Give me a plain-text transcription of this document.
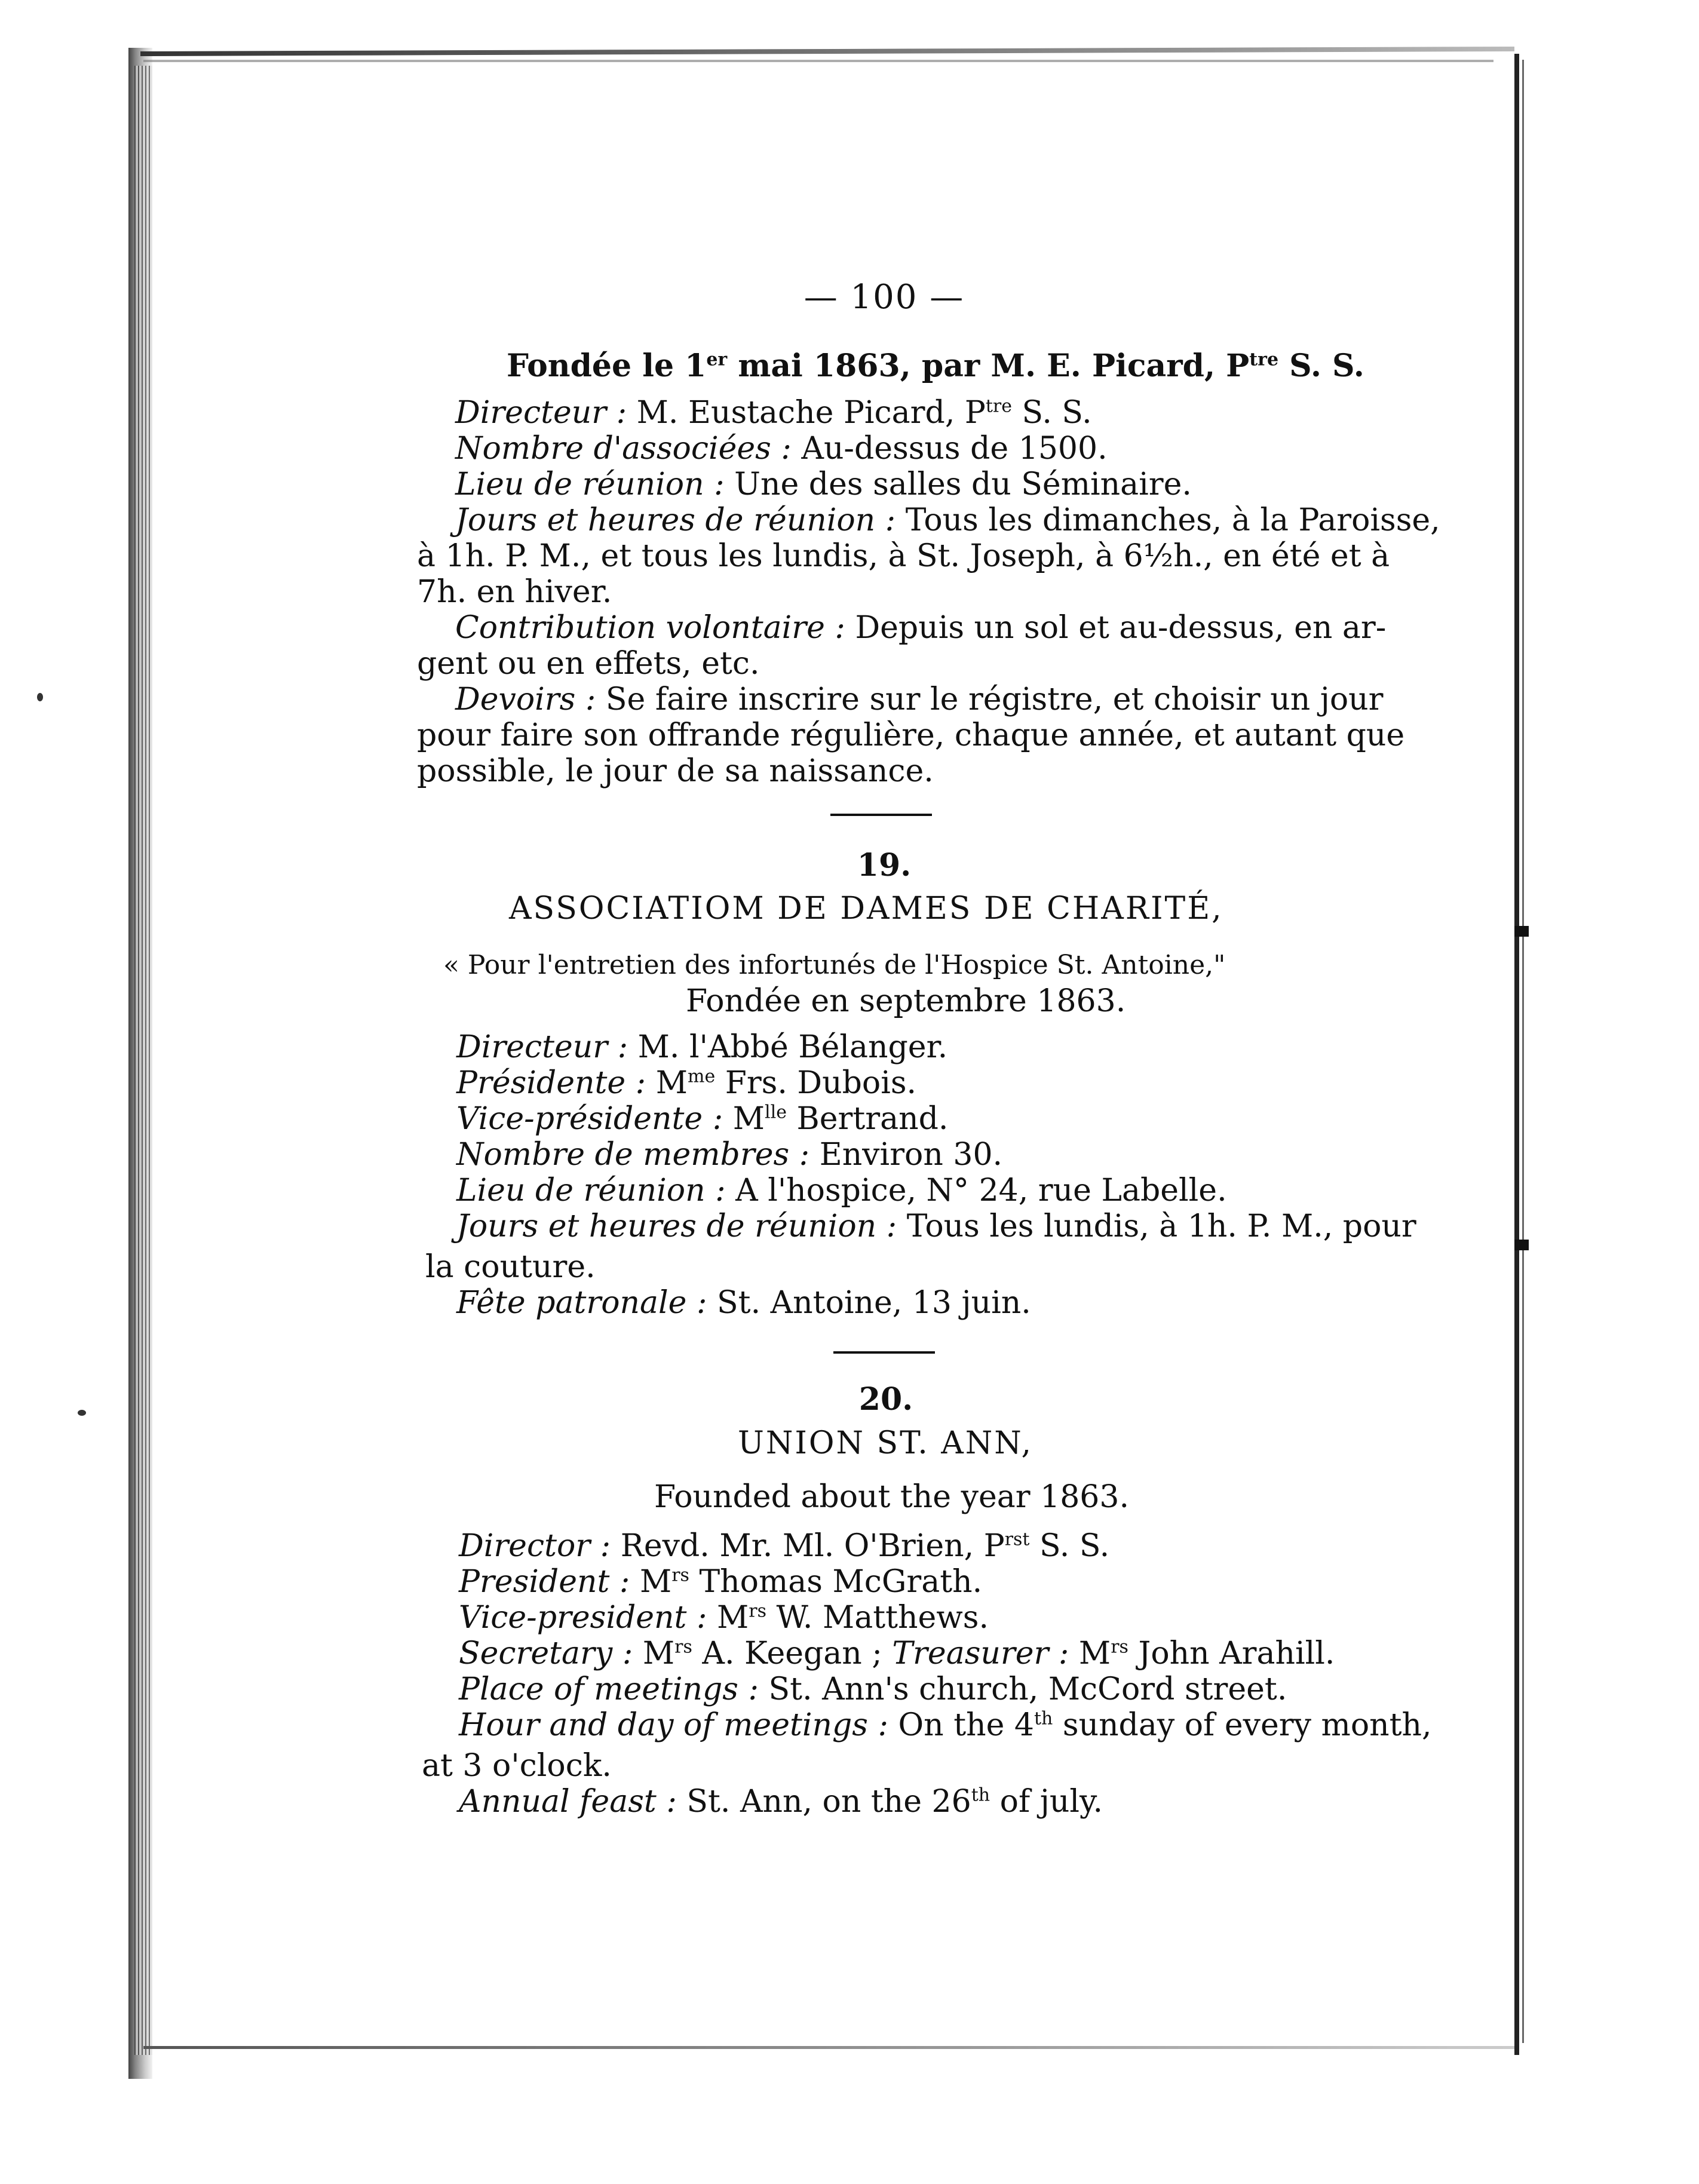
— 100 —
Fondée le 1er mai 1863, par M. E. Picard, $P^{tre}$ S. S.
Directeur : M. Eustache Picard, $P^{tre}$ S. S.
Nombre d'associées : Au-dessus de 1500.
Lieu de réunion : Une des salles du Séminaire.
Jours et heures de réunion : Tous les dimanches, à la Paroisse,
à 1h. P. M., et tous les lundis, à St. Joseph, à 6½h., en été et à
7h. en hiver.
Contribution volontaire : Depuis un sol et au-dessus, en ar-
gent ou en effets, etc.
Devoirs : Se faire inscrire sur le régistre, et choisir un jour
pour faire son offrande régulière, chaque année, et autant que
possible, le jour de sa naissance.
19.
ASSOCIATIOM DE DAMES DE CHARITÉ,
« Pour l'entretien des infortunés de l'Hospice St. Antoine,"
Fondée en septembre 1863.
Directeur : M. l'Abbé Bélanger.
Présidente : $M^{me}$ Frs. Dubois.
Vice-présidente : $M^{lle}$ Bertrand.
Nombre de membres : Environ 30.
Lieu de réunion : A l'hospice, N° 24, rue Labelle.
Jours et heures de réunion : Tous les lundis, à 1h. P. M., pour
la couture.
Fête patronale : St. Antoine, 13 juin.
20.
UNION ST. ANN,
Founded about the year 1863.
Director : Revd. Mr. Ml. O'Brien, $P^{rst}$ S. S.
President : $M^{rs}$ Thomas McGrath.
Vice-president : $M^{rs}$ W. Matthews.
Secretary : $M^{rs}$ A. Keegan ; Treasurer : $M^{rs}$ John Arahill.
Place of meetings : St. Ann's church, McCord street.
Hour and day of meetings : On the 4th sunday of every month,
at 3 o'clock.
Annual feast : St. Ann, on the 26th of july.
